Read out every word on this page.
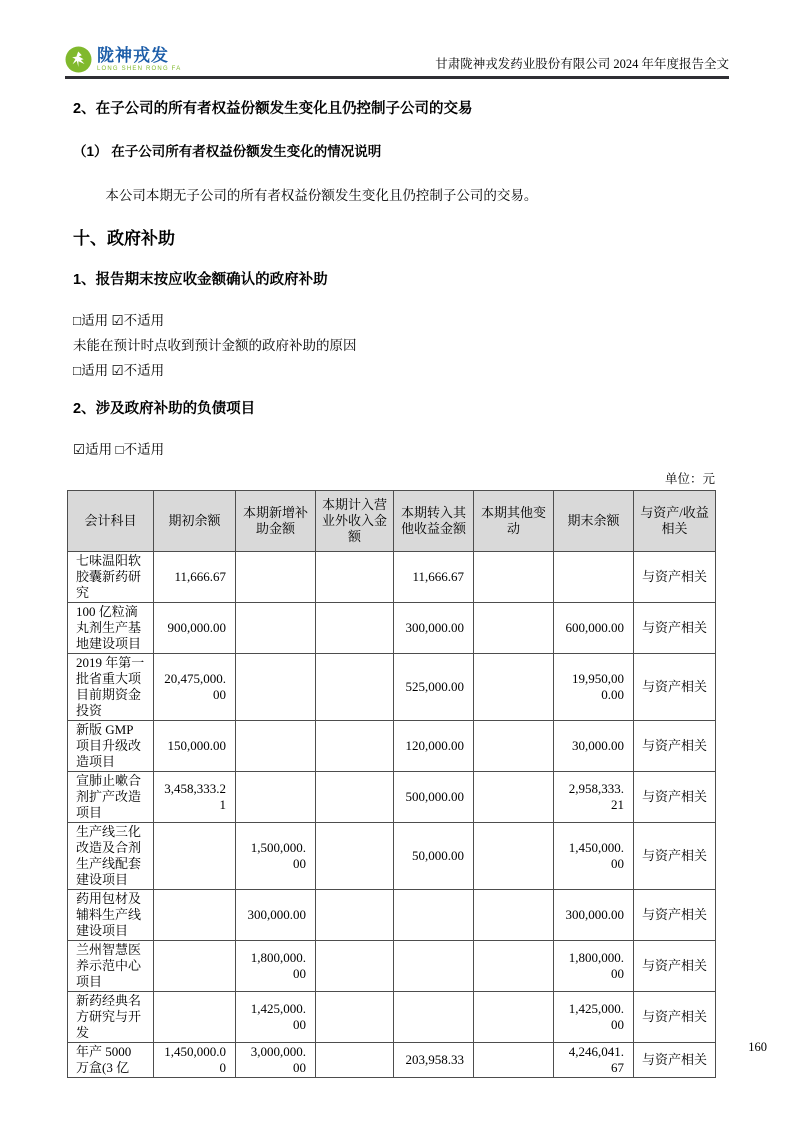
陇神戎发
LONG SHEN RONG FA	甘肃陇神戎发药业股份有限公司 2024 年年度报告全文
2、在子公司的所有者权益份额发生变化且仍控制子公司的交易
（1） 在子公司所有者权益份额发生变化的情况说明

本公司本期无子公司的所有者权益份额发生变化且仍控制子公司的交易。

十、政府补助
1、报告期末按应收金额确认的政府补助

□适用 ☑不适用

未能在预计时点收到预计金额的政府补助的原因

□适用 ☑不适用

2、涉及政府补助的负债项目

☑适用 □不适用

单位：元
会计科目	期初余额	本期新增补助金额	本期计入营业外收入金额	本期转入其他收益金额	本期其他变动	期末余额	与资产/收益相关
七味温阳软胶囊新药研究	11,666.67			11,666.67			与资产相关
100 亿粒滴丸剂生产基地建设项目	900,000.00			300,000.00		600,000.00	与资产相关
2019 年第一批省重大项目前期资金投资	20,475,000.00			525,000.00		19,950,000.00	与资产相关
新版 GMP 项目升级改造项目	150,000.00			120,000.00		30,000.00	与资产相关
宣肺止嗽合剂扩产改造项目	3,458,333.21			500,000.00		2,958,333.21	与资产相关
生产线三化改造及合剂生产线配套建设项目		1,500,000.00		50,000.00		1,450,000.00	与资产相关
药用包材及辅料生产线建设项目		300,000.00				300,000.00	与资产相关
兰州智慧医养示范中心项目		1,800,000.00				1,800,000.00	与资产相关
新药经典名方研究与开发		1,425,000.00				1,425,000.00	与资产相关
年产 5000 万盒(3 亿	1,450,000.00	3,000,000.00		203,958.33		4,246,041.67	与资产相关
160
